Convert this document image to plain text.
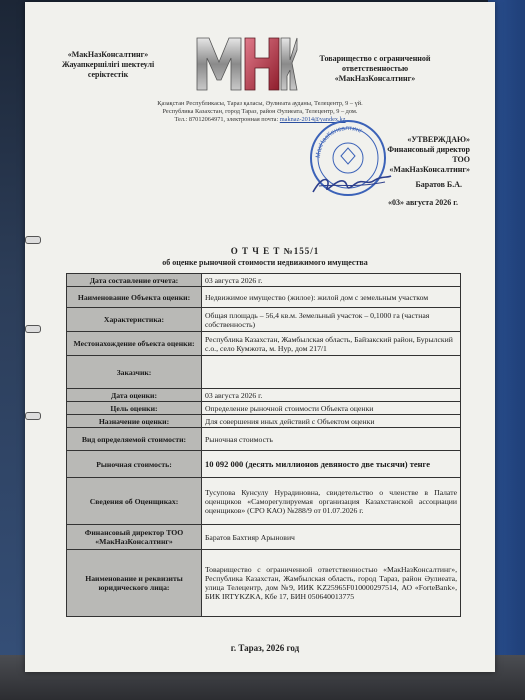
«МакНазКонсалтинг»
Жауапкершілігі шектеулі
серіктестік
Товарищество с ограниченной
ответственностью
«МакНазКонсалтинг»
Қазақстан Республикасы, Тараз қаласы, Әулиеата ауданы, Телецентр, 9 – үй.
Республика Казахстан, город Тараз, район Әулиеата, Телецентр, 9 – дом.
Тел.: 87012064971, электронная почта: maknaz-2014@yandex.kz
МакНазКонсалтинг
«УТВЕРЖДАЮ»
Финансовый директор
ТОО «МакНазКонсалтинг»
Баратов Б.А.
«03» августа 2026 г.
О Т Ч Е Т №155/1
об оценке рыночной стоимости недвижимого имущества
Дата составление отчета:	03 августа 2026 г.
Наименование Объекта оценки:	Недвижимое имущество (жилое): жилой дом с земельным участком
Характеристика:	Общая площадь – 56,4 кв.м. Земельный участок – 0,1000 га (частная собственность)
Местонахождение объекта оценки:	Республика Казахстан, Жамбылская область, Байзакский район, Бурылский с.о., село Кумжота, м. Нур, дом 217/1
Заказчик:	
Дата оценки:	03 августа 2026 г.
Цель оценки:	Определение рыночной стоимости Объекта оценки
Назначение оценки:	Для совершения иных действий с Объектом оценки
Вид определяемой стоимости:	Рыночная стоимость
Рыночная стоимость:	10 092 000 (десять миллионов девяносто две тысячи) тенге
Сведения об Оценщиках:	Тусупова Кунсулу Нурадиновна, свидетельство о членстве в Палате оценщиков «Саморегулируемая организация Казахстанской ассоциации оценщиков» (СРО КАО) №288/9 от 01.07.2026 г.
Финансовый директор ТОО «МакНазКонсалтинг»	Баратов Бахтияр Арынович
Наименование и реквизиты юридического лица:	Товарищество с ограниченной ответственностью «МакНазКонсалтинг», Республика Казахстан, Жамбылская область, город Тараз, район Әулиеата, улица Телецентр, дом №9, ИИК KZ25965F010000297514, АО «ForteBank», БИК IRTYKZKA, Кбе 17, БИН 050640013775
г. Тараз, 2026 год
